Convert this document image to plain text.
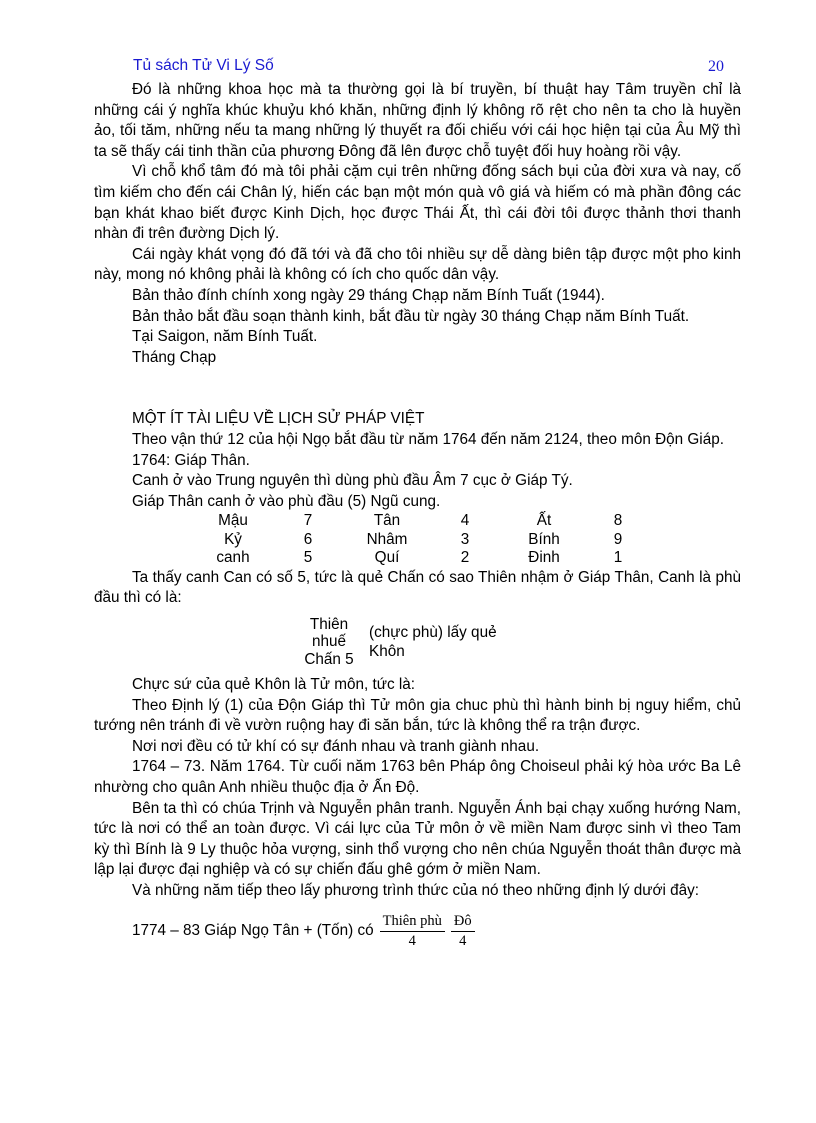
Tủ sách Tử Vi Lý Số	20

Đó là những khoa học mà ta thường gọi là bí truyền, bí thuật hay Tâm truyền chỉ là những cái ý nghĩa khúc khuỷu khó khăn, những định lý không rõ rệt cho nên ta cho là huyền ảo, tối tăm, những nếu ta mang những lý thuyết ra đối chiếu với cái học hiện tại của Âu Mỹ thì ta sẽ thấy cái tinh thần của phương Đông đã lên được chỗ tuyệt đối huy hoàng rồi vậy.

Vì chỗ khổ tâm đó mà tôi phải cặm cụi trên những đống sách bụi của đời xưa và nay, cố tìm kiếm cho đến cái Chân lý, hiến các bạn một món quà vô giá và hiếm có mà phần đông các bạn khát khao biết được Kinh Dịch, học được Thái Ất, thì cái đời tôi được thảnh thơi thanh nhàn đi trên đường Dịch lý.

Cái ngày khát vọng đó đã tới và đã cho tôi nhiều sự dễ dàng biên tập được một pho kinh này, mong nó không phải là không có ích cho quốc dân vậy.

Bản thảo đính chính xong ngày 29 tháng Chạp năm Bính Tuất (1944).

Bản thảo bắt đầu soạn thành kinh, bắt đầu từ ngày 30 tháng Chạp năm Bính Tuất.

Tại Saigon, năm Bính Tuất.

Tháng Chạp

MỘT ÍT TÀI LIỆU VỀ LỊCH SỬ PHÁP VIỆT

Theo vận thứ 12 của hội Ngọ bắt đầu từ năm 1764 đến năm 2124, theo môn Độn Giáp.

1764: Giáp Thân.

Canh ở vào Trung nguyên thì dùng phù đầu Âm 7 cục ở Giáp Tý.

Giáp Thân canh ở vào phù đầu (5) Ngũ cung.

Mậu	7	Tân	4	Ất	8
Kỷ	6	Nhâm	3	Bính	9
canh	5	Quí	2	Đinh	1

Ta thấy canh Can có số 5, tức là quẻ Chấn có sao Thiên nhậm ở Giáp Thân, Canh là phù đầu thì có là:

Thiên
nhuế
Chấn 5
(chực phù) lấy quẻ
Khôn

Chực sứ của quẻ Khôn là Tử môn, tức là:

Theo Định lý (1) của Độn Giáp thì Tử môn gia chuc phù thì hành binh bị nguy hiểm, chủ tướng nên tránh đi về vườn ruộng hay đi săn bắn, tức là không thể ra trận được.

Nơi nơi đều có tử khí có sự đánh nhau và tranh giành nhau.

1764 – 73. Năm 1764. Từ cuối năm 1763 bên Pháp ông Choiseul phải ký hòa ước Ba Lê nhường cho quân Anh nhiều thuộc địa ở Ấn Độ.

Bên ta thì có chúa Trịnh và Nguyễn phân tranh. Nguyễn Ánh bại chạy xuống hướng Nam, tức là nơi có thể an toàn được. Vì cái lực của Tử môn ở về miền Nam được sinh vì theo Tam kỳ thì Bính là 9 Ly thuộc hỏa vượng, sinh thổ vượng cho nên chúa Nguyễn thoát thân được mà lập lại được đại nghiệp và có sự chiến đấu ghê gớm ở miền Nam.

Và những năm tiếp theo lấy phương trình thức của nó theo những định lý dưới đây:

1774 – 83 Giáp Ngọ Tân + (Tốn) có $\frac{\text{Thiên phù}}{4} \frac{Đô}{4}$
